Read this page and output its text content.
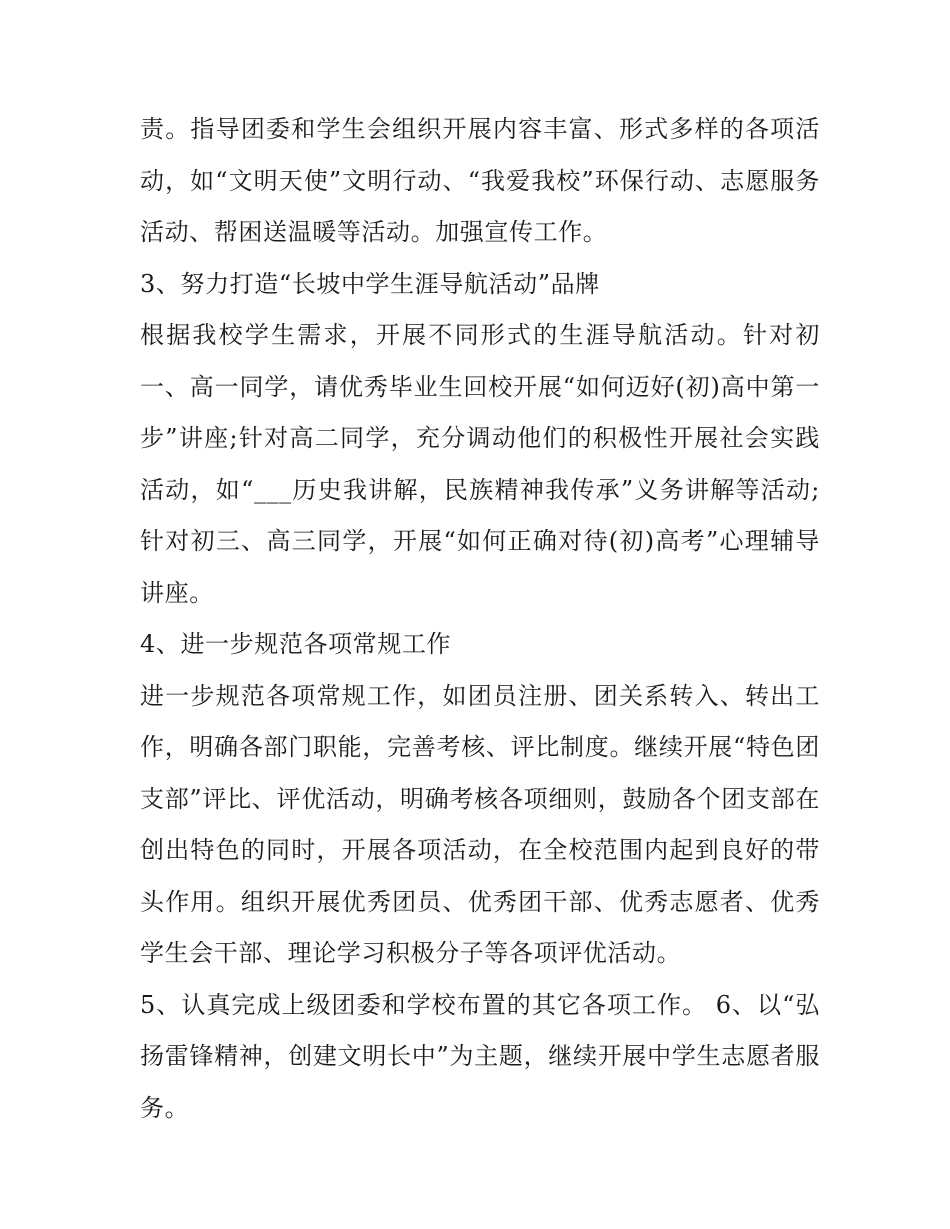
责。指导团委和学生会组织开展内容丰富、形式多样的各项活动，如“文明天使”文明行动、“我爱我校”环保行动、志愿服务活动、帮困送温暖等活动。加强宣传工作。

3、努力打造“长坡中学生涯导航活动”品牌

根据我校学生需求，开展不同形式的生涯导航活动。针对初一、高一同学，请优秀毕业生回校开展“如何迈好(初)高中第一步”讲座;针对高二同学，充分调动他们的积极性开展社会实践活动，如“___历史我讲解，民族精神我传承”义务讲解等活动;针对初三、高三同学，开展“如何正确对待(初)高考”心理辅导讲座。

4、进一步规范各项常规工作

进一步规范各项常规工作，如团员注册、团关系转入、转出工作，明确各部门职能，完善考核、评比制度。继续开展“特色团支部”评比、评优活动，明确考核各项细则，鼓励各个团支部在创出特色的同时，开展各项活动，在全校范围内起到良好的带头作用。组织开展优秀团员、优秀团干部、优秀志愿者、优秀学生会干部、理论学习积极分子等各项评优活动。

5、认真完成上级团委和学校布置的其它各项工作。 6、以“弘扬雷锋精神，创建文明长中”为主题，继续开展中学生志愿者服务。
